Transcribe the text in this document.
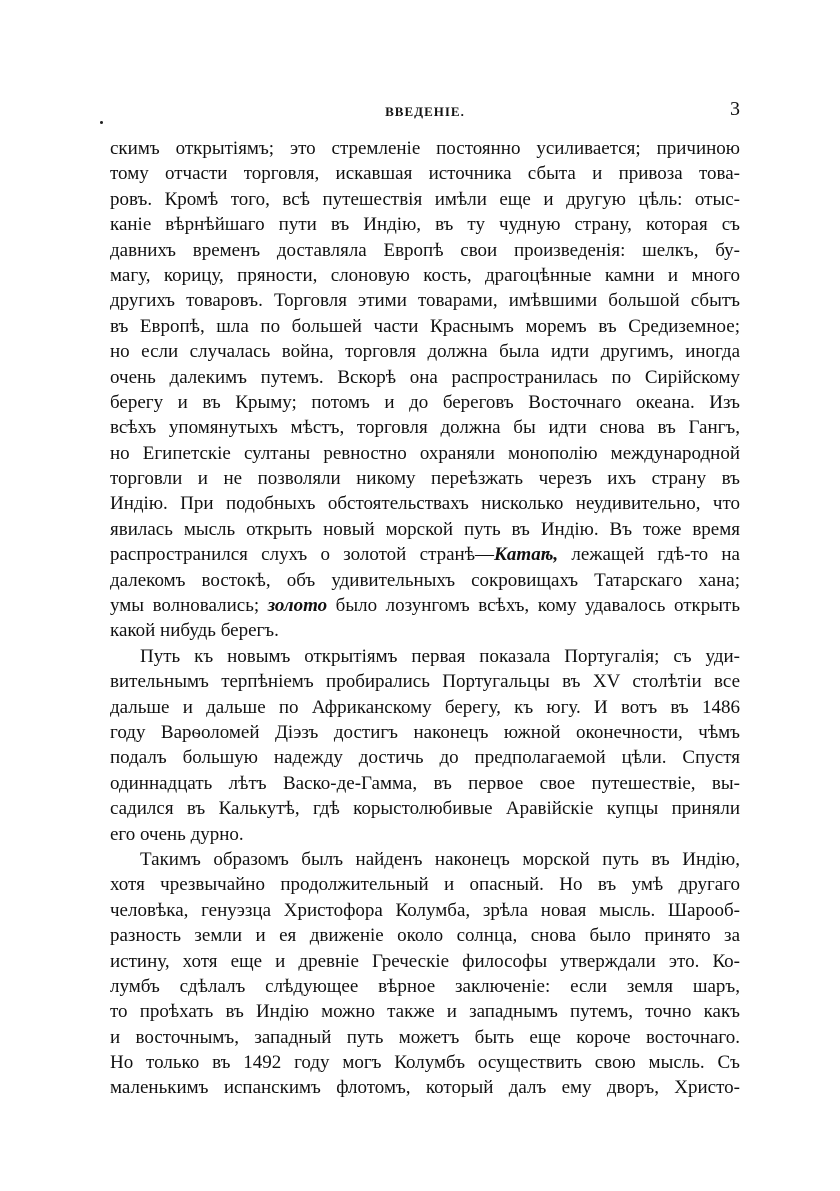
ВВЕДЕНІЕ.	3
скимъ открытіямъ; это стремленіе постоянно усиливается; причиною
тому отчасти торговля, искавшая источника сбыта и привоза това-
ровъ. Кромѣ того, всѣ путешествія имѣли еще и другую цѣль: отыс-
каніе вѣрнѣйшаго пути въ Индію, въ ту чудную страну, которая съ
давнихъ временъ доставляла Европѣ свои произведенія: шелкъ, бу-
магу, корицу, пряности, слоновую кость, драгоцѣнные камни и много
другихъ товаровъ. Торговля этими товарами, имѣвшими большой сбытъ
въ Европѣ, шла по большей части Краснымъ моремъ въ Средиземное;
но если случалась война, торговля должна была идти другимъ, иногда
очень далекимъ путемъ. Вскорѣ она распространилась по Сирійскому
берегу и въ Крыму; потомъ и до береговъ Восточнаго океана. Изъ
всѣхъ упомянутыхъ мѣстъ, торговля должна бы идти снова въ Гангъ,
но Египетскіе султаны ревностно охраняли монополію международной
торговли и не позволяли никому переѣзжать черезъ ихъ страну въ
Индію. При подобныхъ обстоятельствахъ нисколько неудивительно, что
явилась мысль открыть новый морской путь въ Индію. Въ тоже время
распространился слухъ о золотой странѣ—Катаѣ, лежащей гдѣ-то на
далекомъ востокѣ, объ удивительныхъ сокровищахъ Татарскаго хана;
умы волновались; золото было лозунгомъ всѣхъ, кому удавалось открыть
какой нибудь берегъ.
Путь къ новымъ открытіямъ первая показала Португалія; съ уди-
вительнымъ терпѣніемъ пробирались Португальцы въ XV столѣтіи все
дальше и дальше по Африканскому берегу, къ югу. И вотъ въ 1486
году Варѳоломей Діэзъ достигъ наконецъ южной оконечности, чѣмъ
подалъ большую надежду достичь до предполагаемой цѣли. Спустя
одиннадцать лѣтъ Васко-де-Гамма, въ первое свое путешествіе, вы-
садился въ Калькутѣ, гдѣ корыстолюбивые Аравійскіе купцы приняли
его очень дурно.
Такимъ образомъ былъ найденъ наконецъ морской путь въ Индію,
хотя чрезвычайно продолжительный и опасный. Но въ умѣ другаго
человѣка, генуэзца Христофора Колумба, зрѣла новая мысль. Шарооб-
разность земли и ея движеніе около солнца, снова было принято за
истину, хотя еще и древніе Греческіе философы утверждали это. Ко-
лумбъ сдѣлалъ слѣдующее вѣрное заключеніе: если земля шаръ,
то проѣхать въ Индію можно также и западнымъ путемъ, точно какъ
и восточнымъ, западный путь можетъ быть еще короче восточнаго.
Но только въ 1492 году могъ Колумбъ осуществить свою мысль. Съ
маленькимъ испанскимъ флотомъ, который далъ ему дворъ, Христо-
